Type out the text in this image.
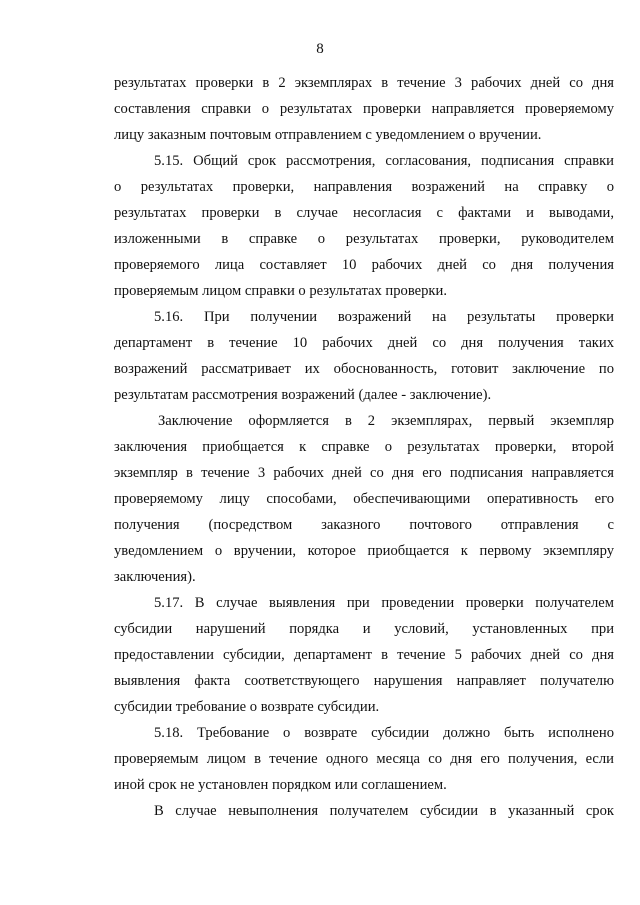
8
результатах проверки в 2 экземплярах в течение 3 рабочих дней со дня
составления справки о результатах проверки направляется проверяемому
лицу заказным почтовым отправлением с уведомлением о вручении.
5.15. Общий срок рассмотрения, согласования, подписания справки
о результатах проверки, направления возражений на справку о
результатах проверки в случае несогласия с фактами и выводами,
изложенными в справке о результатах проверки, руководителем
проверяемого лица составляет 10 рабочих дней со дня получения
проверяемым лицом справки о результатах проверки.
5.16. При получении возражений на результаты проверки
департамент в течение 10 рабочих дней со дня получения таких
возражений рассматривает их обоснованность, готовит заключение по
результатам рассмотрения возражений (далее - заключение).
Заключение оформляется в 2 экземплярах, первый экземпляр
заключения приобщается к справке о результатах проверки, второй
экземпляр в течение 3 рабочих дней со дня его подписания направляется
проверяемому лицу способами, обеспечивающими оперативность его
получения (посредством заказного почтового отправления с
уведомлением о вручении, которое приобщается к первому экземпляру
заключения).
5.17. В случае выявления при проведении проверки получателем
субсидии нарушений порядка и условий, установленных при
предоставлении субсидии, департамент в течение 5 рабочих дней со дня
выявления факта соответствующего нарушения направляет получателю
субсидии требование о возврате субсидии.
5.18. Требование о возврате субсидии должно быть исполнено
проверяемым лицом в течение одного месяца со дня его получения, если
иной срок не установлен порядком или соглашением.
В случае невыполнения получателем субсидии в указанный срок
